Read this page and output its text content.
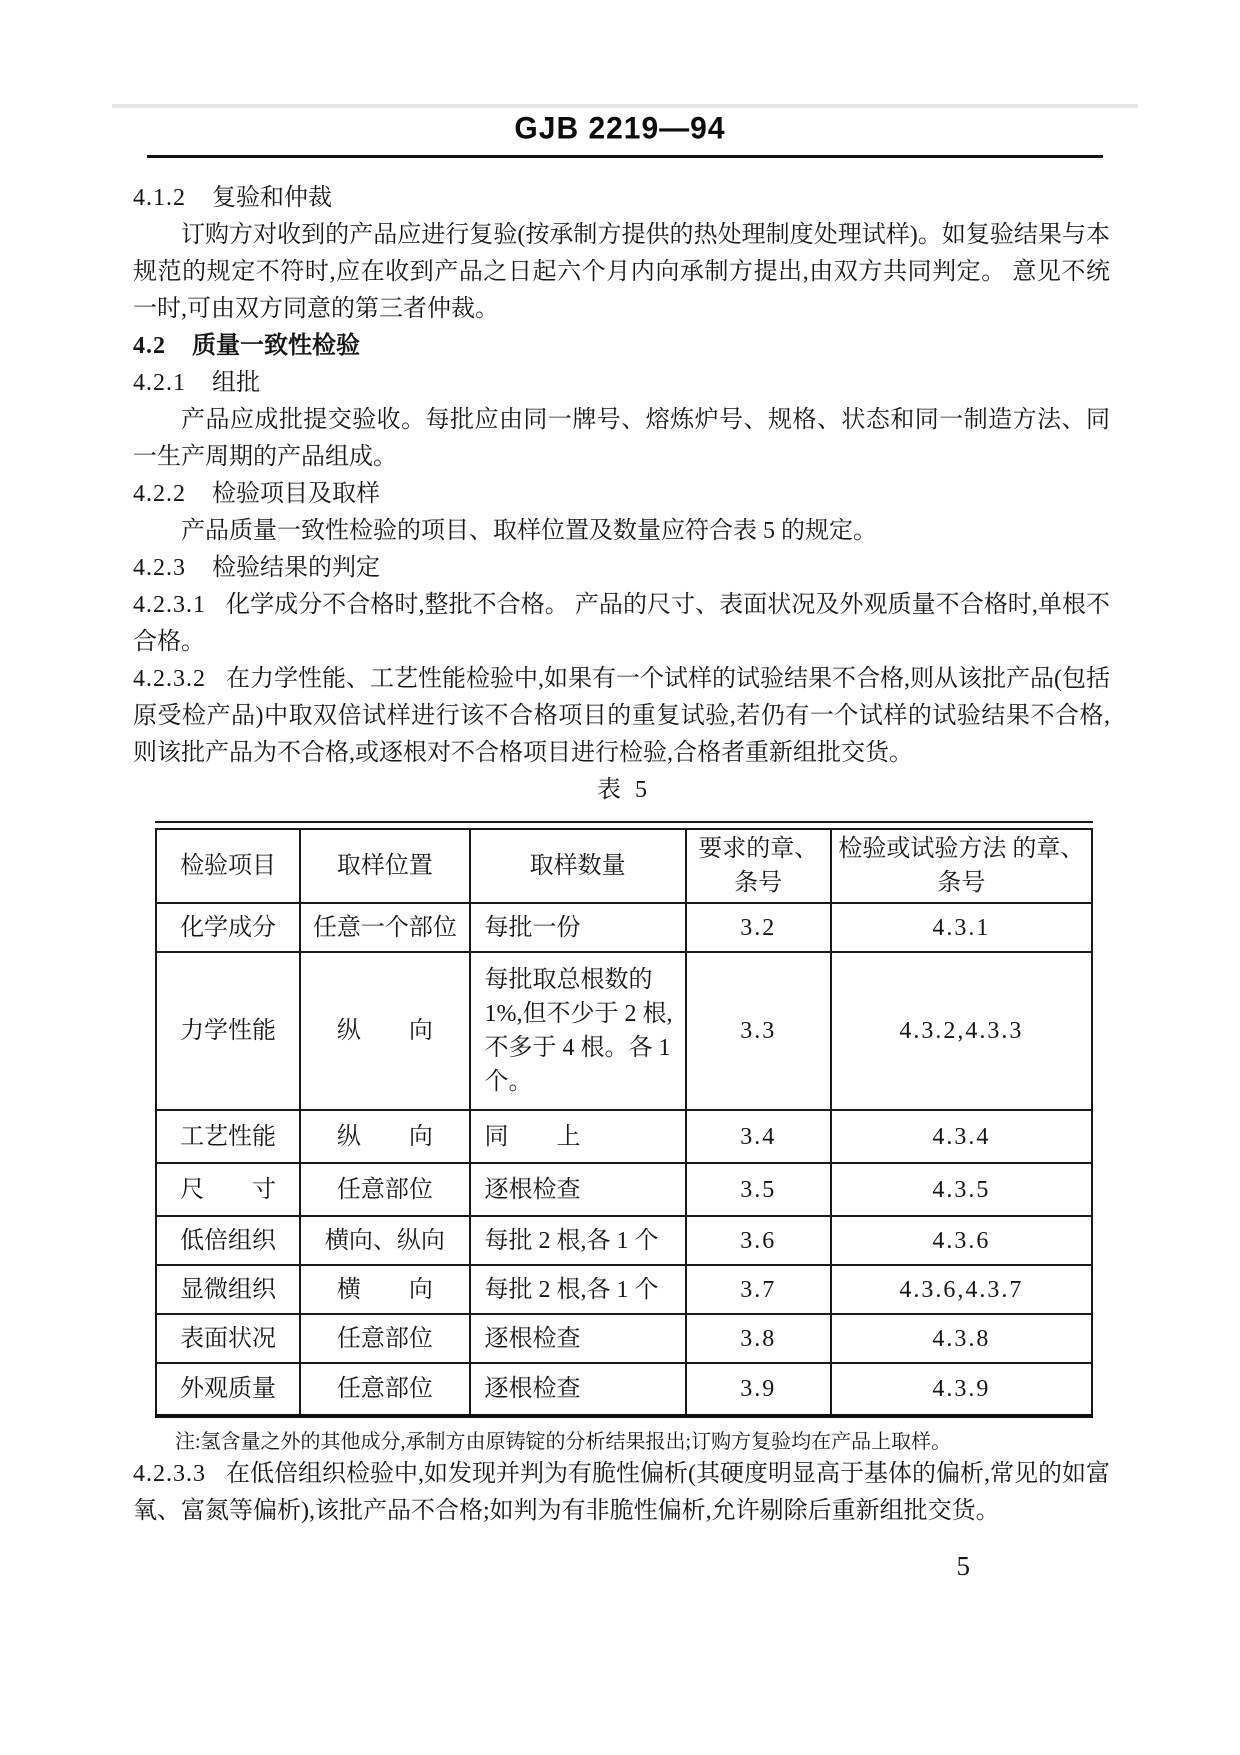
GJB 2219—94
4.1.2 复验和仲裁

订购方对收到的产品应进行复验(按承制方提供的热处理制度处理试样)。如复验结果与本规范的规定不符时,应在收到产品之日起六个月内向承制方提出,由双方共同判定。 意见不统一时,可由双方同意的第三者仲裁。

4.2 质量一致性检验
4.2.1 组批

产品应成批提交验收。每批应由同一牌号、熔炼炉号、规格、状态和同一制造方法、同一生产周期的产品组成。

4.2.2 检验项目及取样

产品质量一致性检验的项目、取样位置及数量应符合表 5 的规定。

4.2.3 检验结果的判定

4.2.3.1 化学成分不合格时,整批不合格。 产品的尺寸、表面状况及外观质量不合格时,单根不合格。

4.2.3.2 在力学性能、工艺性能检验中,如果有一个试样的试验结果不合格,则从该批产品(包括原受检产品)中取双倍试样进行该不合格项目的重复试验,若仍有一个试样的试验结果不合格,则该批产品为不合格,或逐根对不合格项目进行检验,合格者重新组批交货。

表 5

检验项目	取样位置	取样数量	要求的章、条号	检验或试验方法 的章、条号
化学成分	任意一个部位	每批一份	3.2	4.3.1
力学性能	纵　　向	每批取总根数的1%,但不少于 2 根,不多于 4 根。各 1 个。	3.3	4.3.2,4.3.3
工艺性能	纵　　向	同　　上	3.4	4.3.4
尺　　寸	任意部位	逐根检查	3.5	4.3.5
低倍组织	横向、纵向	每批 2 根,各 1 个	3.6	4.3.6
显微组织	横　　向	每批 2 根,各 1 个	3.7	4.3.6,4.3.7
表面状况	任意部位	逐根检查	3.8	4.3.8
外观质量	任意部位	逐根检查	3.9	4.3.9

注:氢含量之外的其他成分,承制方由原铸锭的分析结果报出;订购方复验均在产品上取样。

4.2.3.3 在低倍组织检验中,如发现并判为有脆性偏析(其硬度明显高于基体的偏析,常见的如富氧、富氮等偏析),该批产品不合格;如判为有非脆性偏析,允许剔除后重新组批交货。

5
